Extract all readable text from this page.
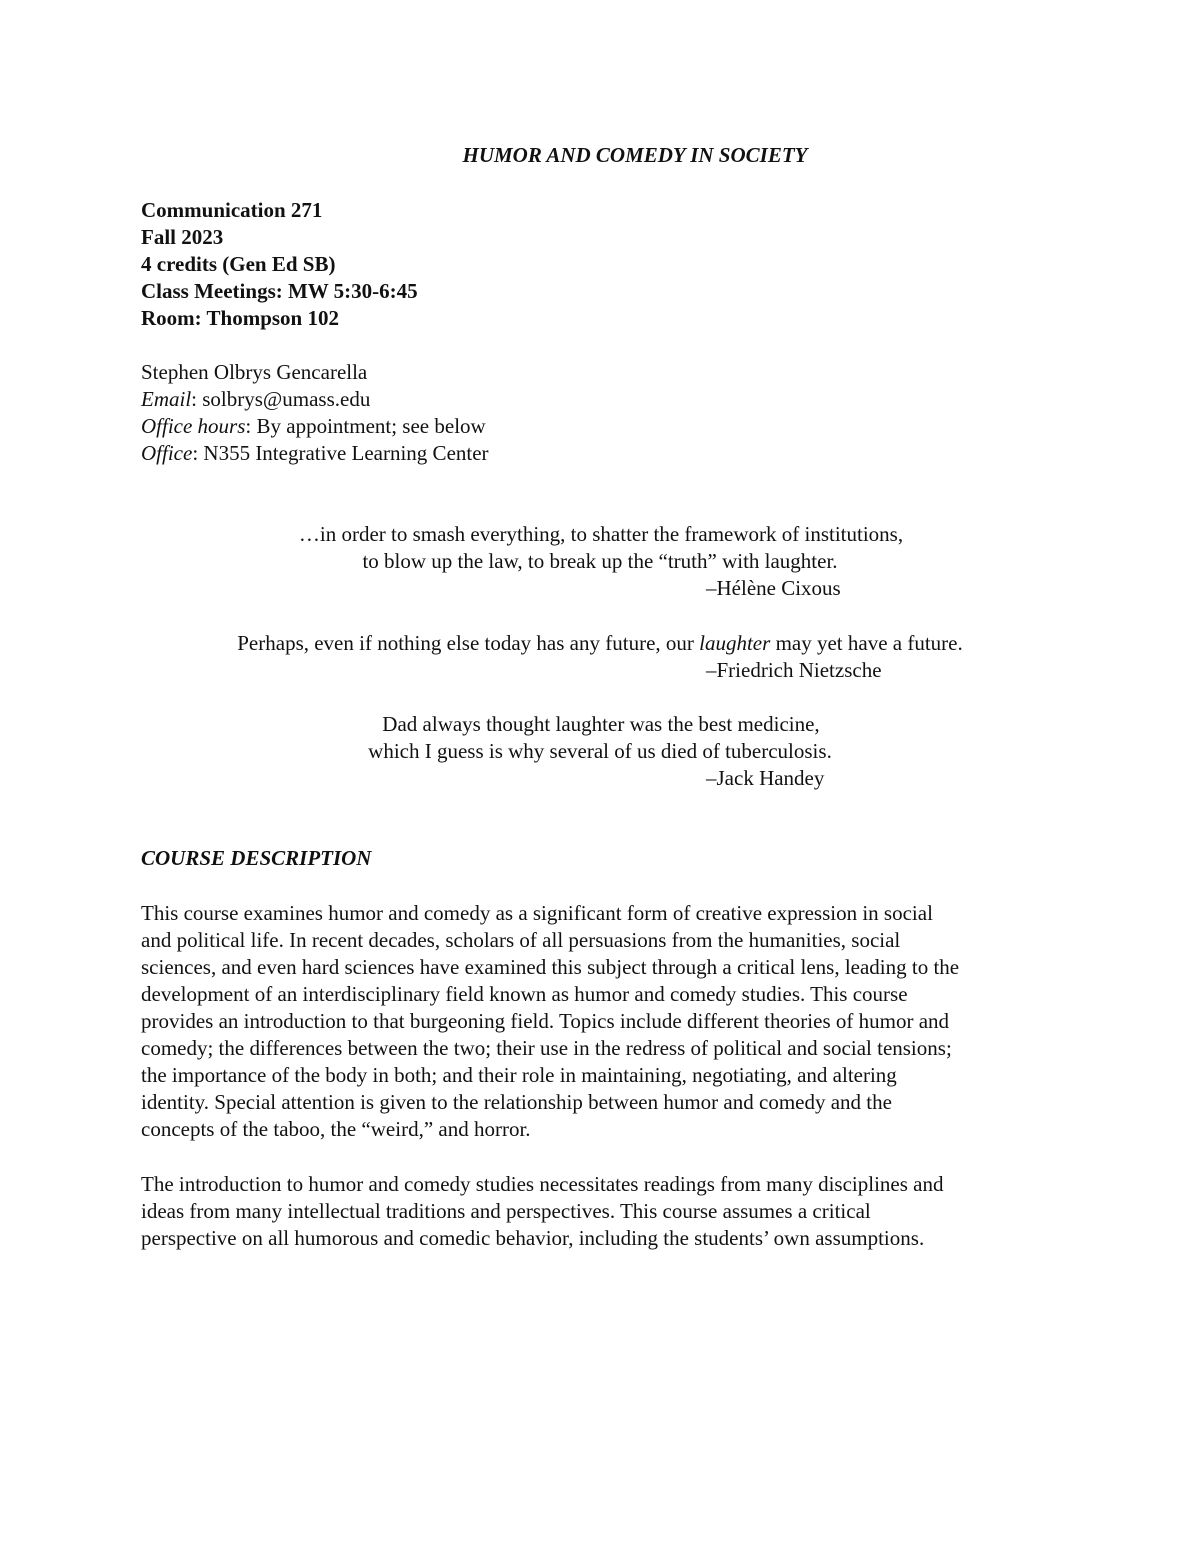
HUMOR AND COMEDY IN SOCIETY
Communication 271
Fall 2023
4 credits (Gen Ed SB)
Class Meetings: MW 5:30-6:45
Room: Thompson 102
Stephen Olbrys Gencarella
Email: solbrys@umass.edu
Office hours: By appointment; see below
Office: N355 Integrative Learning Center
…in order to smash everything, to shatter the framework of institutions,
to blow up the law, to break up the “truth” with laughter.
–Hélène Cixous
Perhaps, even if nothing else today has any future, our laughter may yet have a future.
–Friedrich Nietzsche
Dad always thought laughter was the best medicine,
which I guess is why several of us died of tuberculosis.
–Jack Handey
COURSE DESCRIPTION
This course examines humor and comedy as a significant form of creative expression in social
and political life. In recent decades, scholars of all persuasions from the humanities, social
sciences, and even hard sciences have examined this subject through a critical lens, leading to the
development of an interdisciplinary field known as humor and comedy studies. This course
provides an introduction to that burgeoning field. Topics include different theories of humor and
comedy; the differences between the two; their use in the redress of political and social tensions;
the importance of the body in both; and their role in maintaining, negotiating, and altering
identity. Special attention is given to the relationship between humor and comedy and the
concepts of the taboo, the “weird,” and horror.
The introduction to humor and comedy studies necessitates readings from many disciplines and
ideas from many intellectual traditions and perspectives. This course assumes a critical
perspective on all humorous and comedic behavior, including the students’ own assumptions.
